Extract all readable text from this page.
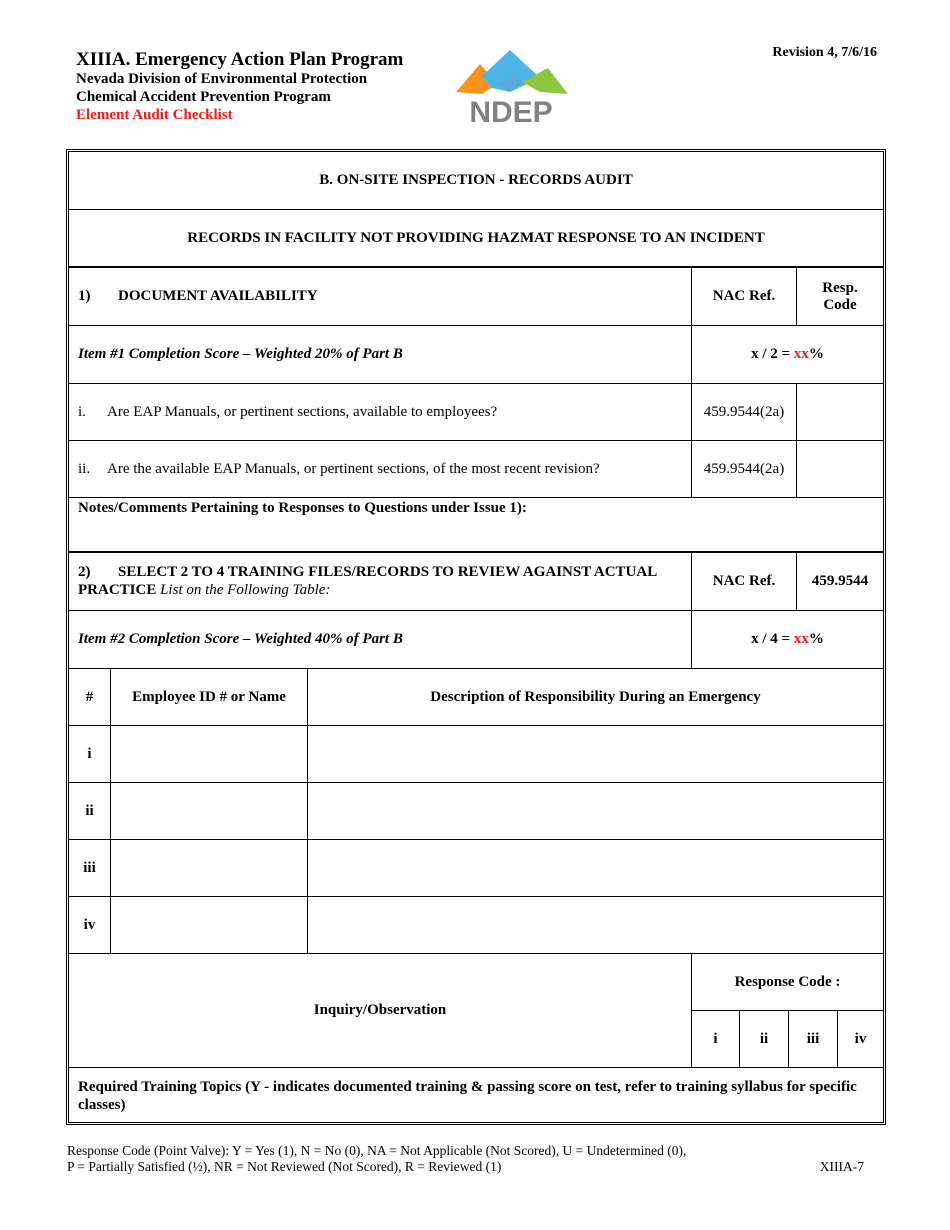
XIIIA. Emergency Action Plan Program
Nevada Division of Environmental Protection
Chemical Accident Prevention Program
Element Audit Checklist	NDEP
Revision 4, 7/6/16
B. ON-SITE INSPECTION - RECORDS AUDIT
RECORDS IN FACILITY NOT PROVIDING HAZMAT RESPONSE TO AN INCIDENT
1)	DOCUMENT AVAILABILITY	NAC Ref.
Resp.
Code
Item #1 Completion Score – Weighted 20% of Part B	x / 2 = xx %
i.	Are EAP Manuals, or pertinent sections, available to employees?	459.9544(2a)
ii.	Are the available EAP Manuals, or pertinent sections, of the most recent revision?	459.9544(2a)
Notes/Comments Pertaining to Responses to Questions under Issue 1):
2)	SELECT 2 TO 4 TRAINING FILES/RECORDS TO REVIEW AGAINST ACTUAL
PRACTICE List on the Following Table:
NAC Ref.	459.9544
Item #2 Completion Score – Weighted 40% of Part B	x / 4 = xx %
#	Employee ID # or Name	Description of Responsibility During an Emergency
i
ii
iii
iv
Inquiry/Observation
Response Code :
i	ii	iii	iv
Required Training Topics (Y - indicates documented training & passing score on test, refer to training syllabus for specific classes)
Response Code (Point Valve): Y = Yes (1), N = No (0), NA = Not Applicable (Not Scored), U = Undetermined (0),
P = Partially Satisfied (½), NR = Not Reviewed (Not Scored), R = Reviewed (1)	XIIIA-7
